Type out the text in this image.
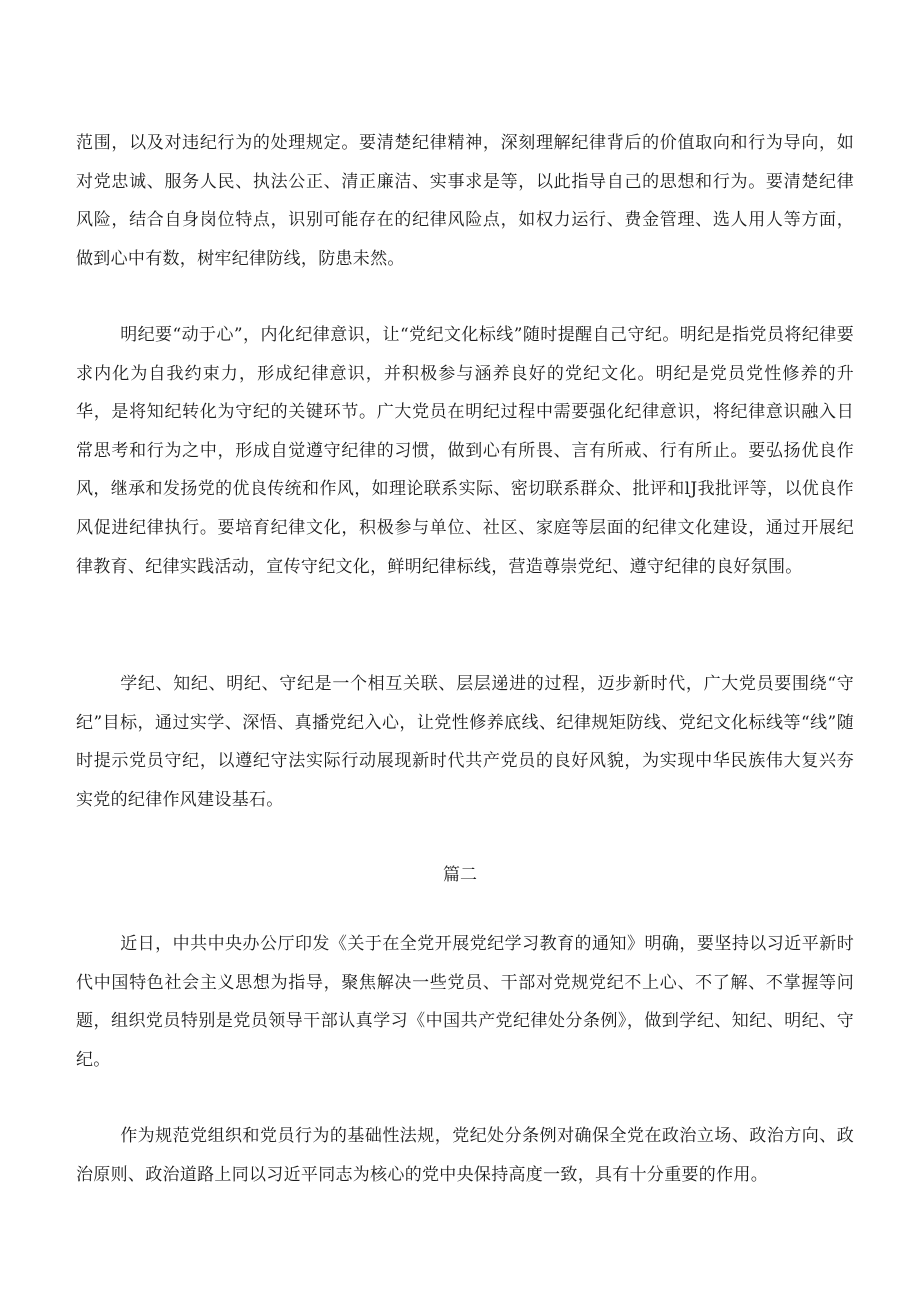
范围，以及对违纪行为的处理规定。要清楚纪律精神，深刻理解纪律背后的价值取向和行为导向，如对党忠诚、服务人民、执法公正、清正廉洁、实事求是等，以此指导自己的思想和行为。要清楚纪律风险，结合自身岗位特点，识别可能存在的纪律风险点，如权力运行、费金管理、选人用人等方面，做到心中有数，树牢纪律防线，防患未然。

明纪要“动于心”，内化纪律意识，让“党纪文化标线”随时提醒自己守纪。明纪是指党员将纪律要求内化为自我约束力，形成纪律意识，并积极参与涵养良好的党纪文化。明纪是党员党性修养的升华，是将知纪转化为守纪的关键环节。广大党员在明纪过程中需要强化纪律意识，将纪律意识融入日常思考和行为之中，形成自觉遵守纪律的习惯，做到心有所畏、言有所戒、行有所止。要弘扬优良作风，继承和发扬党的优良传统和作风，如理论联系实际、密切联系群众、批评和lJ我批评等，以优良作风促进纪律执行。要培育纪律文化，积极参与单位、社区、家庭等层面的纪律文化建设，通过开展纪律教育、纪律实践活动，宣传守纪文化，鲜明纪律标线，营造尊崇党纪、遵守纪律的良好氛围。

学纪、知纪、明纪、守纪是一个相互关联、层层递进的过程，迈步新时代，广大党员要围绕“守纪”目标，通过实学、深悟、真播党纪入心，让党性修养底线、纪律规矩防线、党纪文化标线等“线”随时提示党员守纪，以遵纪守法实际行动展现新时代共产党员的良好风貌，为实现中华民族伟大复兴夯实党的纪律作风建设基石。

篇二

近日，中共中央办公厅印发《关于在全党开展党纪学习教育的通知》明确，要坚持以习近平新时代中国特色社会主义思想为指导，聚焦解决一些党员、干部对党规党纪不上心、不了解、不掌握等问题，组织党员特别是党员领导干部认真学习《中国共产党纪律处分条例》，做到学纪、知纪、明纪、守纪。

作为规范党组织和党员行为的基础性法规，党纪处分条例对确保全党在政治立场、政治方向、政治原则、政治道路上同以习近平同志为核心的党中央保持高度一致，具有十分重要的作用。
